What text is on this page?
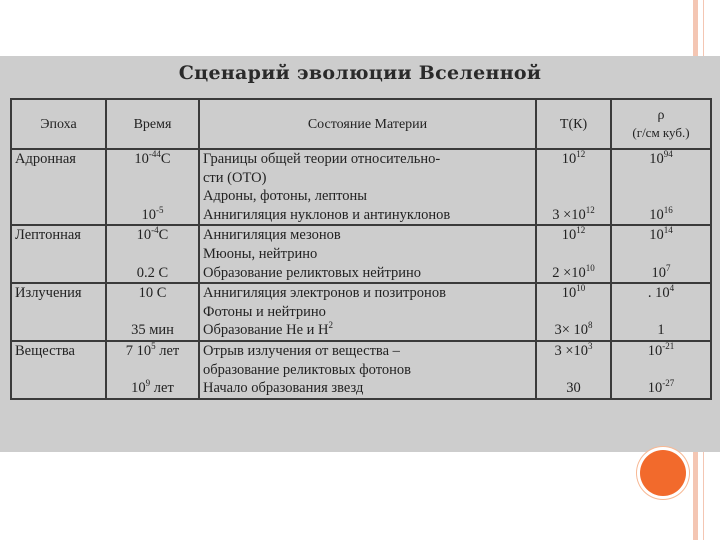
Сценарий эволюции Вселенной
Эпоха	Время	Состояние Материи	Т(К)	ρ
(г/см куб.)

Адронная	$10^{-44}С$	Границы общей теории относительно-	$10^{12}$	$10^{94}$
		сти (ОТО)		
		Адроны, фотоны, лептоны		
	$10^{-5}$	Аннигиляция нуклонов и антинуклонов	$3 \times 10^{12}$	$10^{16}$
Лептонная	$10^{-4}С$	Аннигиляция мезонов	$10^{12}$	$10^{14}$
		Мюоны, нейтрино		
	0.2 С	Образование реликтовых нейтрино	$2 \times 10^{10}$	$10^7$
Излучения	10 С	Аннигиляция электронов и позитронов	$10^{10}$	. $10^4$
		Фотоны и нейтрино		
	35 мин	Образование Не и $Н^2$	$3\times 10^8$	1
Вещества	7 $10^5$ лет	Отрыв излучения от вещества –	$3 \times 10^3$	$10^{-21}$
		образование реликтовых фотонов		
	$10^9$ лет	Начало образования звезд	30	$10^{-27}$
